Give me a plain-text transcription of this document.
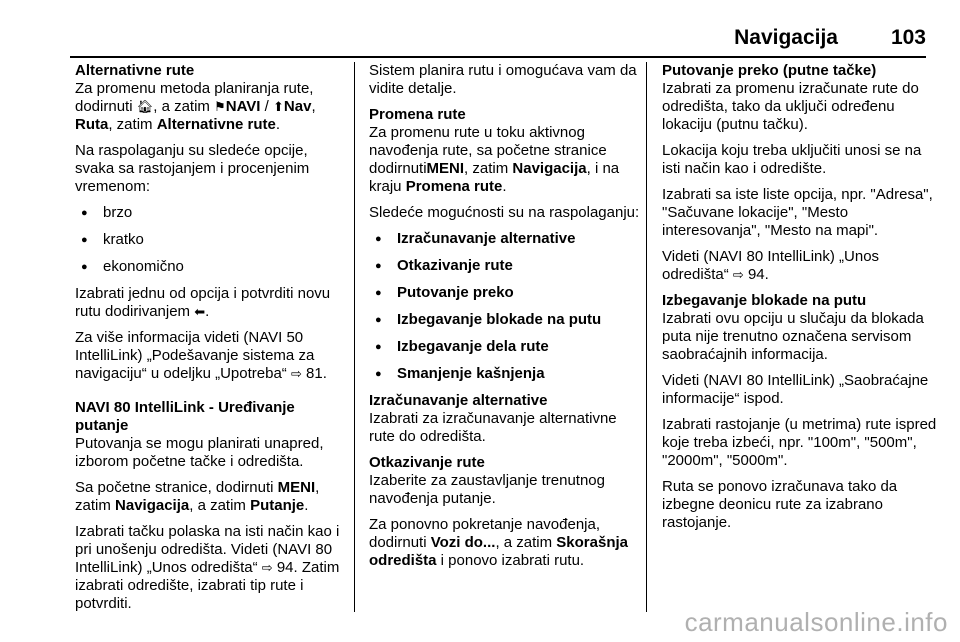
Navigacija	103
Alternativne rute

Za promenu metoda planiranja rute, dodirnuti 🏠︎, a zatim ⚑NAVI / ⬆︎Nav, Ruta, zatim Alternativne rute.

Na raspolaganju su sledeće opcije, svaka sa rastojanjem i procenjenim vremenom:

● brzo
● kratko
● ekonomično

Izabrati jednu od opcija i potvrditi novu rutu dodirivanjem ⬅︎.

Za više informacija videti (NAVI 50 IntelliLink) „Podešavanje sistema za navigaciju“ u odeljku „Upotreba“ ⇨ 81.

NAVI 80 IntelliLink - Uređivanje putanje

Putovanja se mogu planirati unapred, izborom početne tačke i odredišta.

Sa početne stranice, dodirnuti MENI, zatim Navigacija, a zatim Putanje.

Izabrati tačku polaska na isti način kao i pri unošenju odredišta. Videti (NAVI 80 IntelliLink) „Unos odredišta“ ⇨ 94. Zatim izabrati odredište, izabrati tip rute i potvrditi.

Sistem planira rutu i omogućava vam da vidite detalje.

Promena rute

Za promenu rute u toku aktivnog navođenja rute, sa početne stranice dodirnutiMENI, zatim Navigacija, i na kraju Promena rute.

Sledeće mogućnosti su na raspolaganju:

● Izračunavanje alternative
● Otkazivanje rute
● Putovanje preko
● Izbegavanje blokade na putu
● Izbegavanje dela rute
● Smanjenje kašnjenja
Izračunavanje alternative

Izabrati za izračunavanje alternativne rute do odredišta.

Otkazivanje rute

Izaberite za zaustavljanje trenutnog navođenja putanje.

Za ponovno pokretanje navođenja, dodirnuti Vozi do..., a zatim Skorašnja odredišta i ponovo izabrati rutu.

Putovanje preko (putne tačke)

Izabrati za promenu izračunate rute do odredišta, tako da uključi određenu lokaciju (putnu tačku).

Lokacija koju treba uključiti unosi se na isti način kao i odredište.

Izabrati sa iste liste opcija, npr. "Adresa", "Sačuvane lokacije", "Mesto interesovanja", "Mesto na mapi".

Videti (NAVI 80 IntelliLink) „Unos odredišta“ ⇨ 94.

Izbegavanje blokade na putu

Izabrati ovu opciju u slučaju da blokada puta nije trenutno označena servisom saobraćajnih informacija.

Videti (NAVI 80 IntelliLink) „Saobraćajne informacije“ ispod.

Izabrati rastojanje (u metrima) rute ispred koje treba izbeći, npr. "100m", "500m", "2000m", "5000m".

Ruta se ponovo izračunava tako da izbegne deonicu rute za izabrano rastojanje.

carmanualsonline.info
